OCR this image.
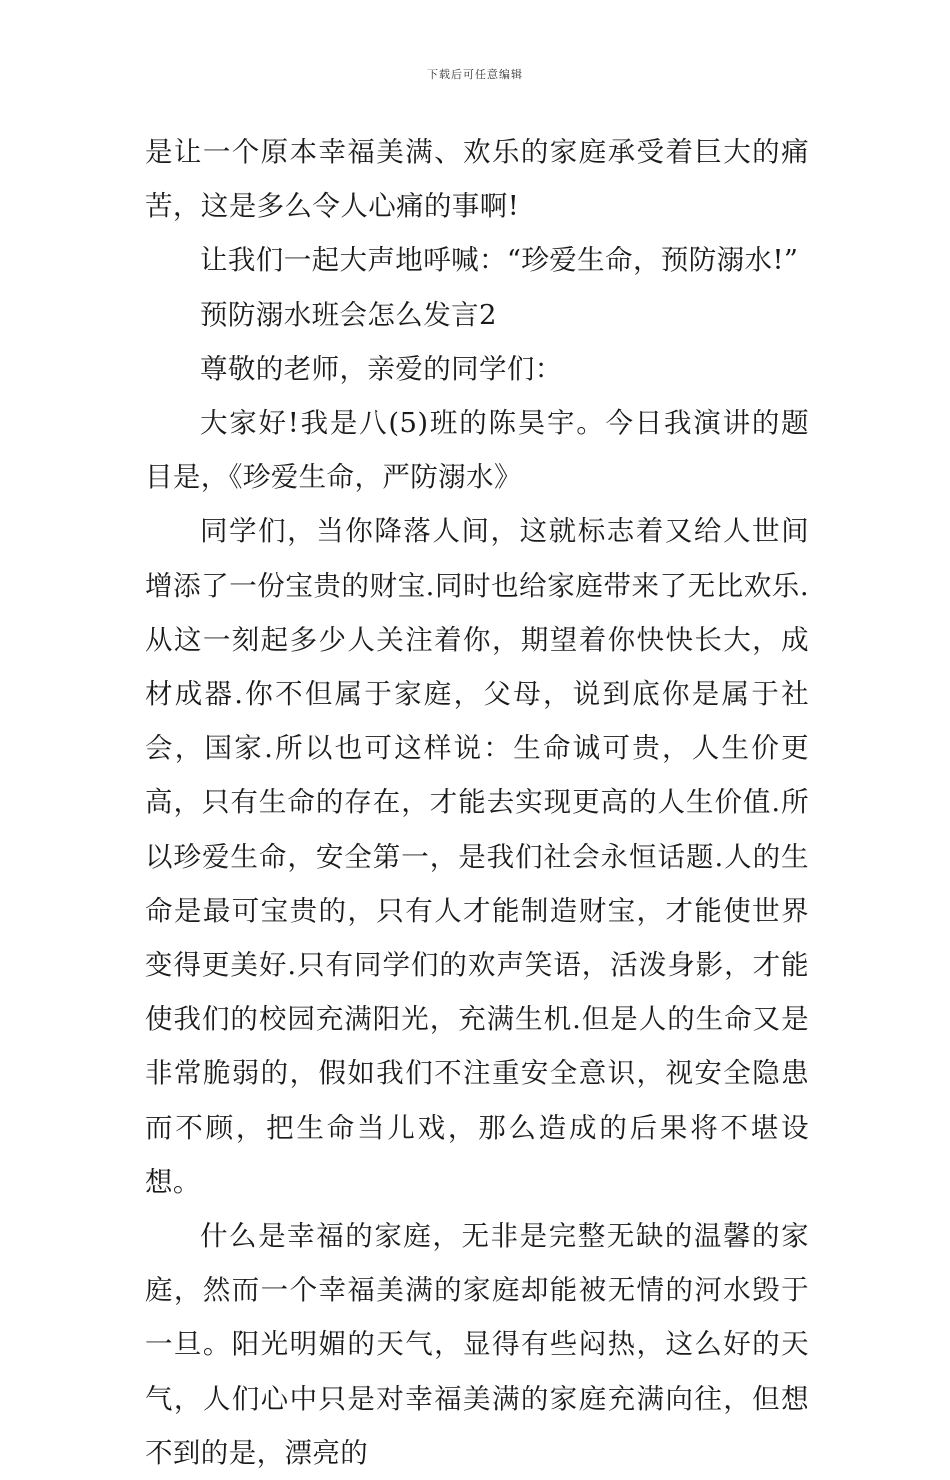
下载后可任意编辑

是让一个原本幸福美满、欢乐的家庭承受着巨大的痛苦，这是多么令人心痛的事啊!

让我们一起大声地呼喊：“珍爱生命，预防溺水!”

预防溺水班会怎么发言2

尊敬的老师，亲爱的同学们：

大家好!我是八(5)班的陈昊宇。今日我演讲的题目是，《珍爱生命，严防溺水》

同学们，当你降落人间，这就标志着又给人世间增添了一份宝贵的财宝.同时也给家庭带来了无比欢乐.从这一刻起多少人关注着你，期望着你快快长大，成材成器.你不但属于家庭，父母，说到底你是属于社会，国家.所以也可这样说：生命诚可贵，人生价更高，只有生命的存在，才能去实现更高的人生价值.所以珍爱生命，安全第一，是我们社会永恒话题.人的生命是最可宝贵的，只有人才能制造财宝，才能使世界变得更美好.只有同学们的欢声笑语，活泼身影，才能使我们的校园充满阳光，充满生机.但是人的生命又是非常脆弱的，假如我们不注重安全意识，视安全隐患而不顾，把生命当儿戏，那么造成的后果将不堪设想。

什么是幸福的家庭，无非是完整无缺的温馨的家庭，然而一个幸福美满的家庭却能被无情的河水毁于一旦。阳光明媚的天气，显得有些闷热，这么好的天气，人们心中只是对幸福美满的家庭充满向往，但想不到的是，漂亮的
